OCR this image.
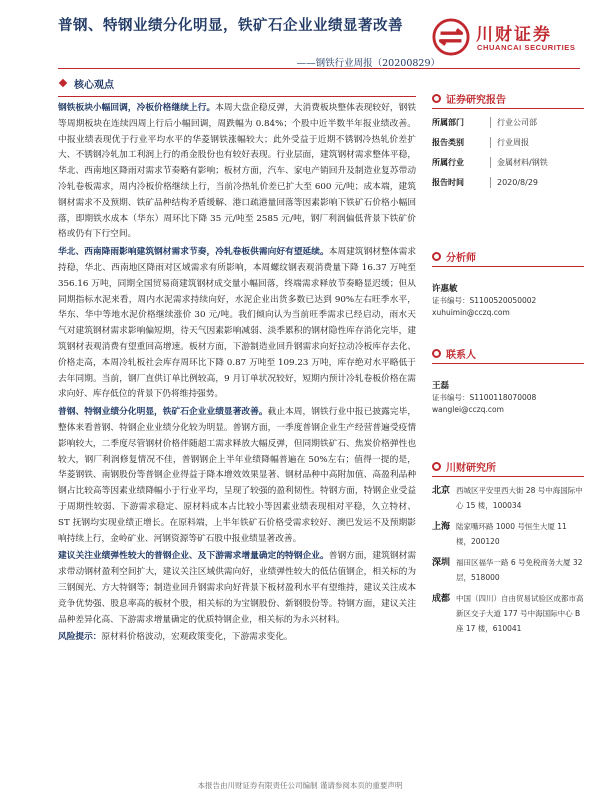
普钢、特钢业绩分化明显，铁矿石企业业绩显著改善
——钢铁行业周报（20200829）
川财证券
CHUANCAI SECURITIES
核心观点

钢铁板块小幅回调，冷板价格继续上行。本周大盘企稳反弹，大消费板块整体表现较好，钢铁等周期板块在连续四周上行后小幅回调，周跌幅为 0.84%；个股中近半数半年报业绩改善。中报业绩表现优于行业平均水平的华菱钢铁涨幅较大；此外受益于近期不锈钢冷热轧价差扩大、不锈钢冷轧加工利润上行的甬金股份也有较好表现。行业层面，建筑钢材需求整体平稳，华北、西南地区降雨对需求节奏略有影响；板材方面，汽车、家电产销回升及制造业复苏带动冷轧卷板需求，周内冷板价格继续上行，当前冷热轧价差已扩大至 600 元/吨；成本端，建筑钢材需求不及预期、铁矿品种结构矛盾缓解、港口疏港量回落等因素影响下铁矿石价格小幅回落，即期铁水成本（华东）周环比下降 35 元/吨至 2585 元/吨，钢厂利润偏低背景下铁矿价格或仍有下行空间。

华北、西南降雨影响建筑钢材需求节奏，冷轧卷板供需向好有望延续。本周建筑钢材整体需求持稳，华北、西南地区降雨对区域需求有所影响，本周螺纹钢表观消费量下降 16.37 万吨至 356.16 万吨，同期全国贸易商建筑钢材成交量小幅回落，终端需求释放节奏略显迟缓；但从同期指标水泥来看，周内水泥需求持续向好，水泥企业出货多数已达到 90%左右旺季水平，华东、华中等地水泥价格继续涨价 30 元/吨。我们倾向认为当前旺季需求已经启动，雨水天气对建筑钢材需求影响偏短期，待天气因素影响减弱、淡季累积的钢材隐性库存消化完毕，建筑钢材表观消费有望重回高增速。板材方面，下游制造业回升钢需求向好拉动冷板库存去化、价格走高，本周冷轧板社会库存周环比下降 0.87 万吨至 109.23 万吨，库存绝对水平略低于去年同期。当前，钢厂直供订单比例较高，9 月订单状况较好，短期内预计冷轧卷板价格在需求向好、库存低位的背景下仍将维持强势。

普钢、特钢业绩分化明显，铁矿石企业业绩显著改善。截止本周，钢铁行业中报已披露完毕，整体来看普钢、特钢企业业绩分化较为明显。普钢方面，一季度普钢企业生产经营普遍受疫情影响较大，二季度尽管钢材价格伴随超工需求释放大幅反弹，但同期铁矿石、焦炭价格弹性也较大，钢厂利润修复情况不佳，普钢钢企上半年业绩降幅普遍在 50%左右；值得一提的是，华菱钢铁、南钢股份等普钢企业得益于降本增效效果显著、钢材品种中高附加值、高盈利品种钢占比较高等因素业绩降幅小于行业平均，呈现了较强的盈利韧性。特钢方面，特钢企业受益于周期性较弱、下游需求稳定、原材料成本占比较小等因素业绩表现相对平稳，久立特材、ST 抚钢均实现业绩正增长。在原料端，上半年铁矿石价格受需求较好、澳巴发运不及预期影响持续上行，金岭矿业、河钢资源等矿石股中报业绩显著改善。

建议关注业绩弹性较大的普钢企业、及下游需求增量确定的特钢企业。普钢方面，建筑钢材需求带动钢材盈利空间扩大，建议关注区域供需向好，业绩弹性较大的低估值钢企，相关标的为三钢闽光、方大特钢等；制造业回升钢需求向好背景下板材盈利水平有望维持，建议关注成本竞争优势强、股息率高的板材个股，相关标的为宝钢股份、新钢股份等。特钢方面，建议关注品种差异化高、下游需求增量确定的优质特钢企业，相关标的为永兴材料。

风险提示：原材料价格波动，宏观政策变化，下游需求变化。

证券研究报告
所属部门	行业公司部
报告类别	行业周报
所属行业	金属材料/钢铁
报告时间	2020/8/29
分析师
许惠敏
证书编号：S1100520050002
xuhuimin@cczq.com
联系人
王磊
证书编号：S1100118070008
wanglei@cczq.com
川财研究所
北京 西城区平安里西大街 28 号中海国际中心 15 楼，100034
上海 陆家嘴环路 1000 号恒生大厦 11 楼，200120
深圳 福田区福华一路 6 号免税商务大厦 32 层，518000
成都 中国（四川）自由贸易试验区成都市高新区交子大道 177 号中海国际中心 B 座 17 楼，610041
本报告由川财证券有限责任公司编制 谨请参阅本页的重要声明
